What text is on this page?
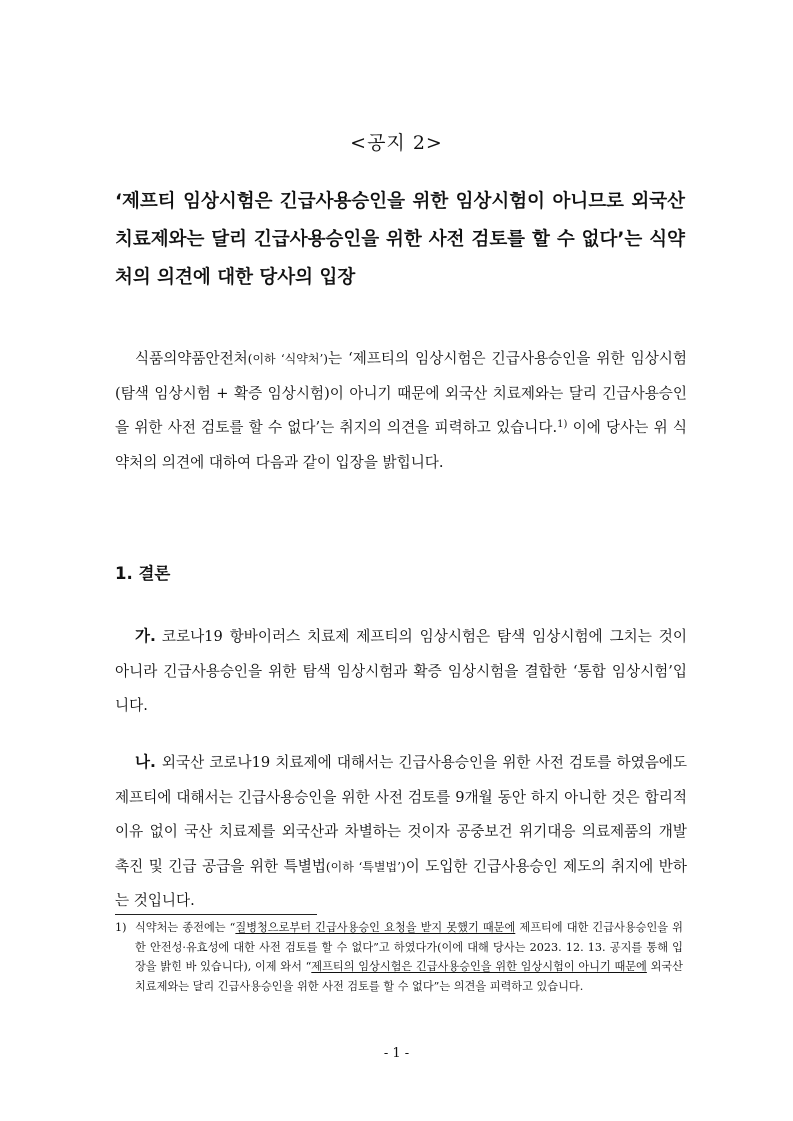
<공지 2>
‘제프티 임상시험은 긴급사용승인을 위한 임상시험이 아니므로 외국산 치료제와는 달리 긴급사용승인을 위한 사전 검토를 할 수 없다’는 식약처의 의견에 대한 당사의 입장
식품의약품안전처(이하 ‘식약처’)는 ‘제프티의 임상시험은 긴급사용승인을 위한 임상시험(탐색 임상시험 + 확증 임상시험)이 아니기 때문에 외국산 치료제와는 달리 긴급사용승인을 위한 사전 검토를 할 수 없다’는 취지의 의견을 피력하고 있습니다.$^{1)}$ 이에 당사는 위 식약처의 의견에 대하여 다음과 같이 입장을 밝힙니다.
1. 결론
가. 코로나19 항바이러스 치료제 제프티의 임상시험은 탐색 임상시험에 그치는 것이 아니라 긴급사용승인을 위한 탐색 임상시험과 확증 임상시험을 결합한 ‘통합 임상시험’입니다.
나. 외국산 코로나19 치료제에 대해서는 긴급사용승인을 위한 사전 검토를 하였음에도 제프티에 대해서는 긴급사용승인을 위한 사전 검토를 9개월 동안 하지 아니한 것은 합리적 이유 없이 국산 치료제를 외국산과 차별하는 것이자 공중보건 위기대응 의료제품의 개발 촉진 및 긴급 공급을 위한 특별법(이하 ‘특별법’)이 도입한 긴급사용승인 제도의 취지에 반하는 것입니다.
1) 식약처는 종전에는 “질병청으로부터 긴급사용승인 요청을 받지 못했기 때문에 제프티에 대한 긴급사용승인을 위한 안전성·유효성에 대한 사전 검토를 할 수 없다”고 하였다가(이에 대해 당사는 2023. 12. 13. 공지를 통해 입장을 밝힌 바 있습니다), 이제 와서 “제프티의 임상시험은 긴급사용승인을 위한 임상시험이 아니기 때문에 외국산 치료제와는 달리 긴급사용승인을 위한 사전 검토를 할 수 없다”는 의견을 피력하고 있습니다.
- 1 -
